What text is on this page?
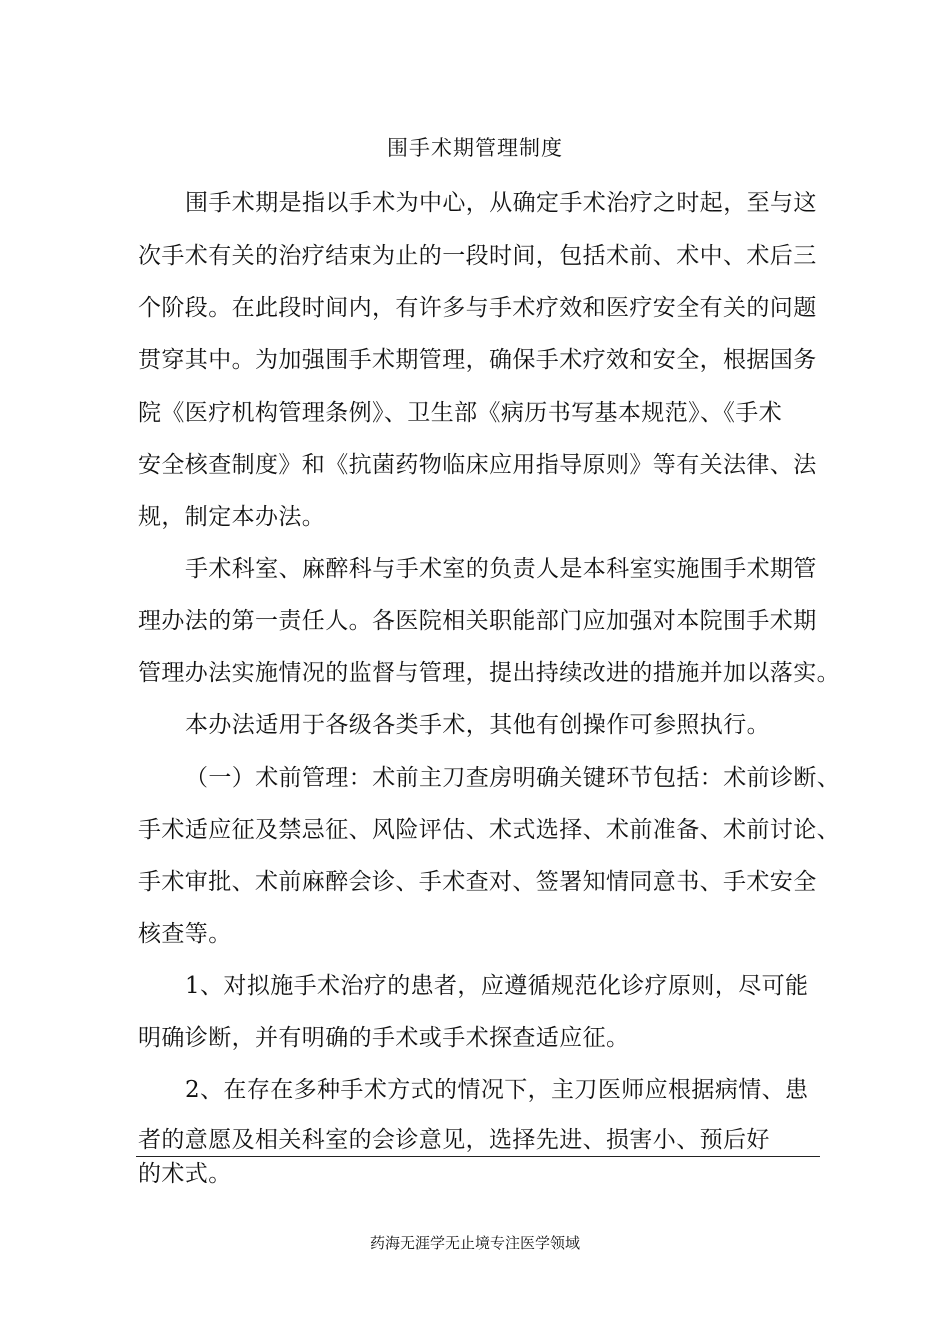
围手术期管理制度
围手术期是指以手术为中心，从确定手术治疗之时起，至与这
次手术有关的治疗结束为止的一段时间，包括术前、术中、术后三
个阶段。在此段时间内，有许多与手术疗效和医疗安全有关的问题
贯穿其中。为加强围手术期管理，确保手术疗效和安全，根据国务
院《医疗机构管理条例》、卫生部《病历书写基本规范》、《手术
安全核查制度》和《抗菌药物临床应用指导原则》等有关法律、法
规，制定本办法。
手术科室、麻醉科与手术室的负责人是本科室实施围手术期管
理办法的第一责任人。各医院相关职能部门应加强对本院围手术期
管理办法实施情况的监督与管理，提出持续改进的措施并加以落实。
本办法适用于各级各类手术，其他有创操作可参照执行。
（一）术前管理：术前主刀查房明确关键环节包括：术前诊断、
手术适应征及禁忌征、风险评估、术式选择、术前准备、术前讨论、
手术审批、术前麻醉会诊、手术查对、签署知情同意书、手术安全
核查等。
1、对拟施手术治疗的患者，应遵循规范化诊疗原则，尽可能
明确诊断，并有明确的手术或手术探查适应征。
2、在存在多种手术方式的情况下，主刀医师应根据病情、患
者的意愿及相关科室的会诊意见，选择先进、损害小、预后好
的术式。
药海无涯学无止境专注医学领域
